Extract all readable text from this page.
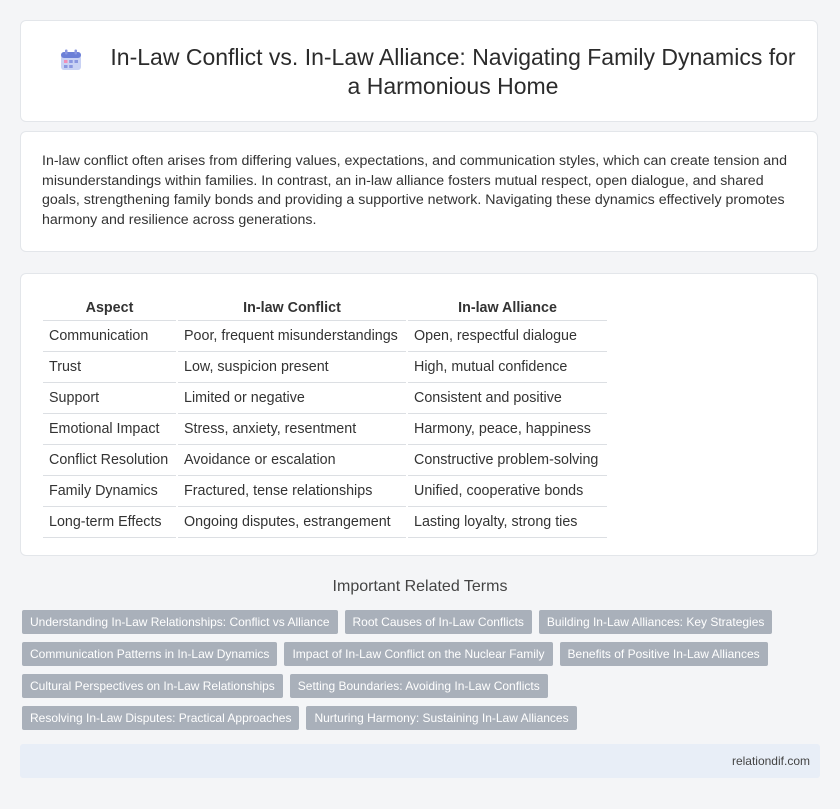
In-Law Conflict vs. In-Law Alliance: Navigating Family Dynamics for a Harmonious Home

In-law conflict often arises from differing values, expectations, and communication styles, which can create tension and misunderstandings within families. In contrast, an in-law alliance fosters mutual respect, open dialogue, and shared goals, strengthening family bonds and providing a supportive network. Navigating these dynamics effectively promotes harmony and resilience across generations.

Aspect	In-law Conflict	In-law Alliance
Communication	Poor, frequent misunderstandings	Open, respectful dialogue
Trust	Low, suspicion present	High, mutual confidence
Support	Limited or negative	Consistent and positive
Emotional Impact	Stress, anxiety, resentment	Harmony, peace, happiness
Conflict Resolution	Avoidance or escalation	Constructive problem-solving
Family Dynamics	Fractured, tense relationships	Unified, cooperative bonds
Long-term Effects	Ongoing disputes, estrangement	Lasting loyalty, strong ties
Important Related Terms
Understanding In-Law Relationships: Conflict vs Alliance	Root Causes of In-Law Conflicts	Building In-Law Alliances: Key Strategies
Communication Patterns in In-Law Dynamics	Impact of In-Law Conflict on the Nuclear Family	Benefits of Positive In-Law Alliances
Cultural Perspectives on In-Law Relationships	Setting Boundaries: Avoiding In-Law Conflicts
Resolving In-Law Disputes: Practical Approaches	Nurturing Harmony: Sustaining In-Law Alliances
relationdif.com
